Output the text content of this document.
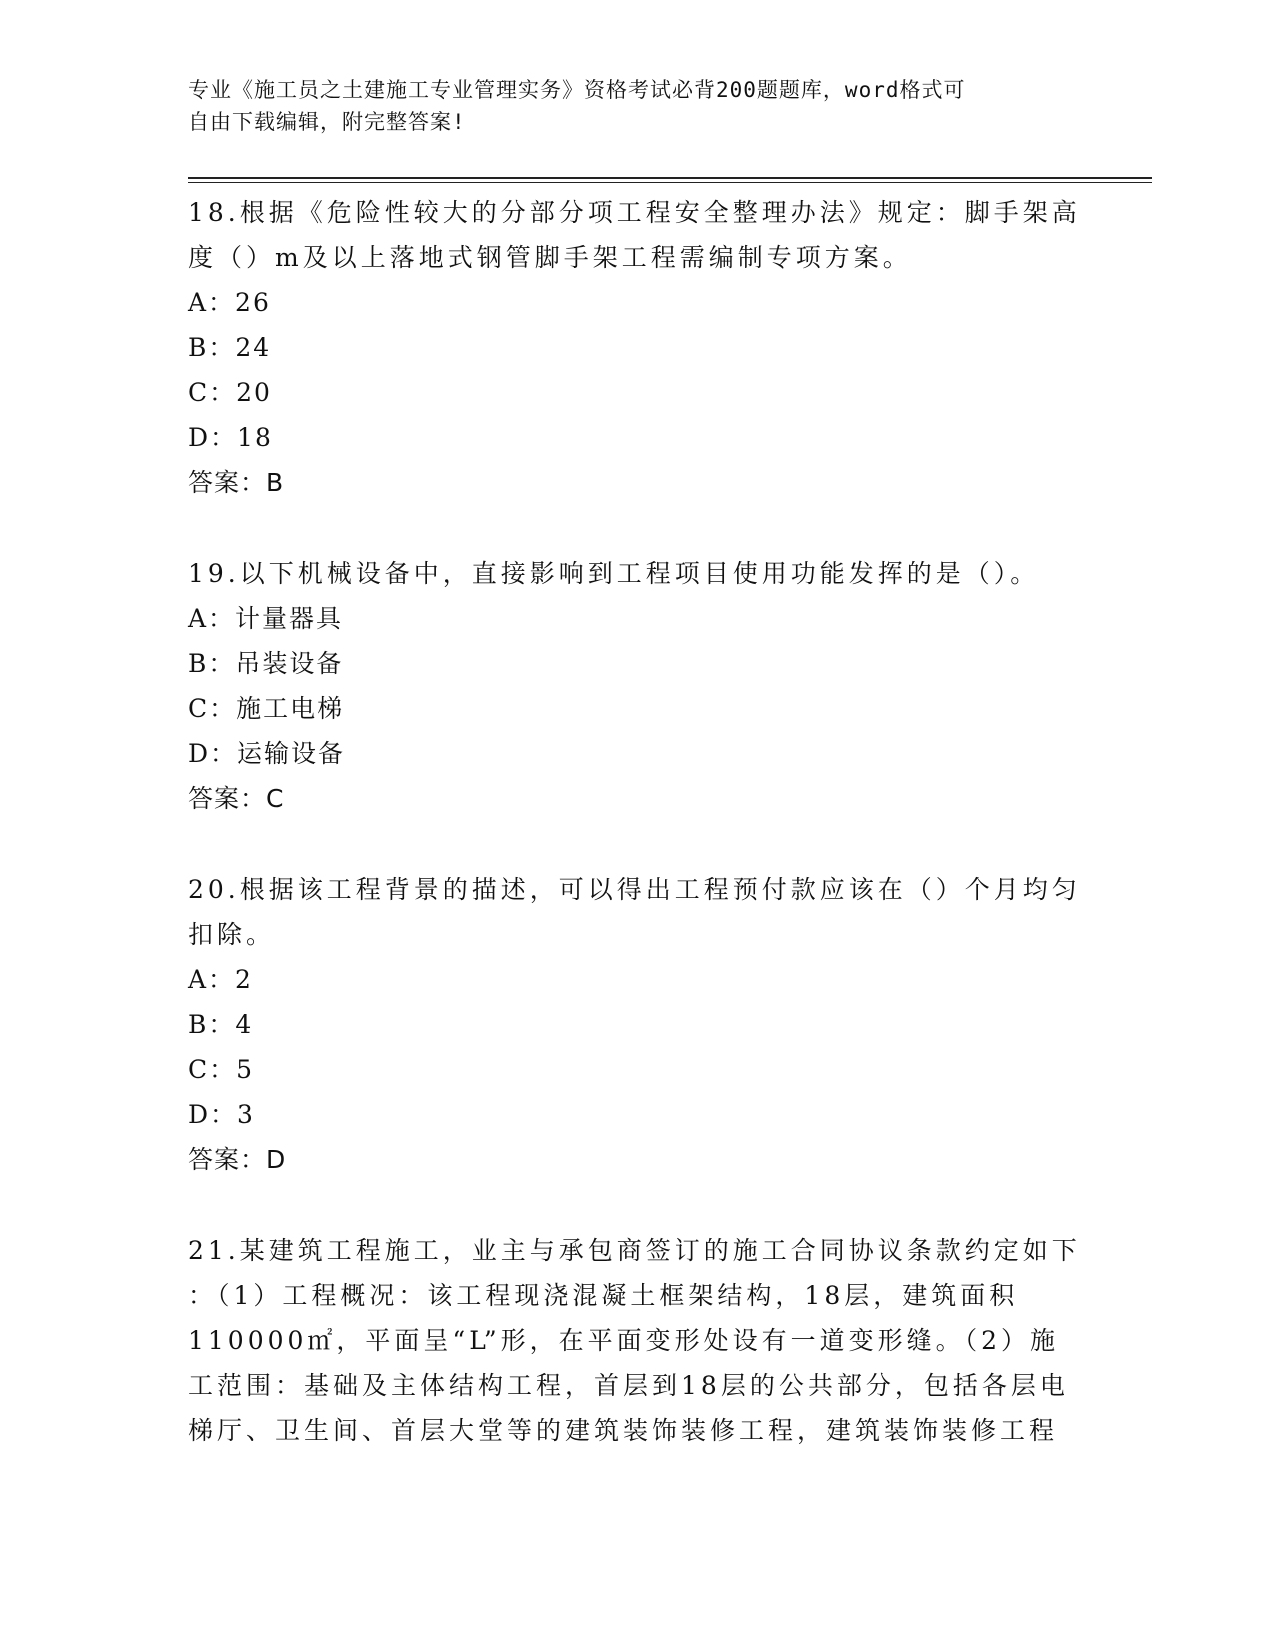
专业《施工员之土建施工专业管理实务》资格考试必背200题题库，word格式可
自由下载编辑，附完整答案!

18.根据《危险性较大的分部分项工程安全整理办法》规定：脚手架高

度（）m及以上落地式钢管脚手架工程需编制专项方案。

A：26

B：24

C：20

D：18

答案：B

19.以下机械设备中，直接影响到工程项目使用功能发挥的是（）。

A：计量器具

B：吊装设备

C：施工电梯

D：运输设备

答案：C

20.根据该工程背景的描述，可以得出工程预付款应该在（）个月均匀

扣除。

A：2

B：4

C：5

D：3

答案：D

21.某建筑工程施工，业主与承包商签订的施工合同协议条款约定如下

：（1）工程概况：该工程现浇混凝土框架结构，18层，建筑面积

110000㎡，平面呈“L”形，在平面变形处设有一道变形缝。（2）施

工范围：基础及主体结构工程，首层到18层的公共部分，包括各层电

梯厅、卫生间、首层大堂等的建筑装饰装修工程，建筑装饰装修工程
